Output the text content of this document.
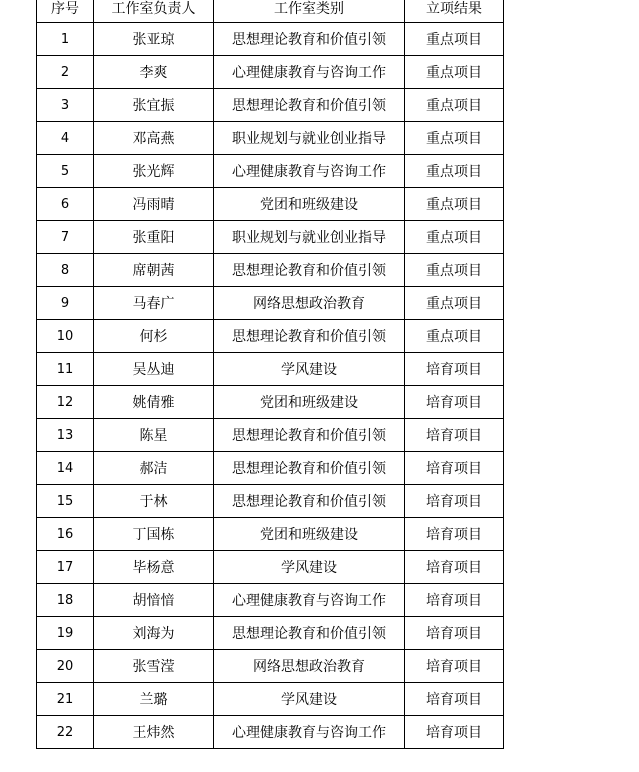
序号	工作室负责人	工作室类别	立项结果
1	张亚琼	思想理论教育和价值引领	重点项目
2	李爽	心理健康教育与咨询工作	重点项目
3	张宜振	思想理论教育和价值引领	重点项目
4	邓高燕	职业规划与就业创业指导	重点项目
5	张光辉	心理健康教育与咨询工作	重点项目
6	冯雨晴	党团和班级建设	重点项目
7	张重阳	职业规划与就业创业指导	重点项目
8	席朝茜	思想理论教育和价值引领	重点项目
9	马春广	网络思想政治教育	重点项目
10	何杉	思想理论教育和价值引领	重点项目
11	吴丛迪	学风建设	培育项目
12	姚倩雅	党团和班级建设	培育项目
13	陈星	思想理论教育和价值引领	培育项目
14	郝洁	思想理论教育和价值引领	培育项目
15	于林	思想理论教育和价值引领	培育项目
16	丁国栋	党团和班级建设	培育项目
17	毕杨意	学风建设	培育项目
18	胡愔愔	心理健康教育与咨询工作	培育项目
19	刘海为	思想理论教育和价值引领	培育项目
20	张雪滢	网络思想政治教育	培育项目
21	兰璐	学风建设	培育项目
22	王炜然	心理健康教育与咨询工作	培育项目
